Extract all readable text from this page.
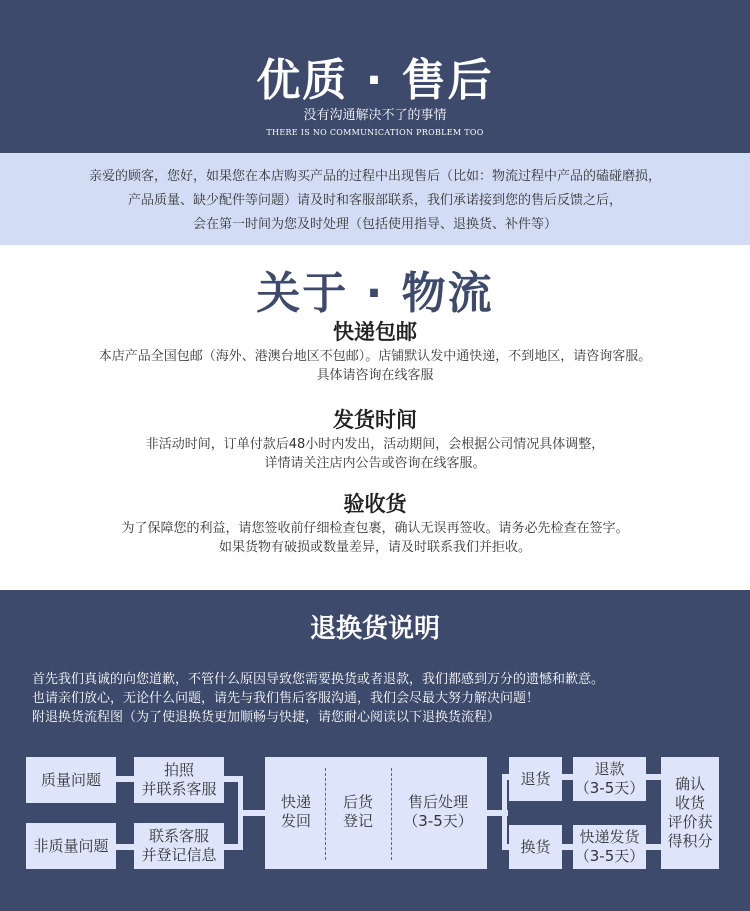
优质 · 售后
没有沟通解决不了的事情
THERE IS NO COMMUNICATION PROBLEM TOO

亲爱的顾客，您好，如果您在本店购买产品的过程中出现售后（比如：物流过程中产品的磕碰磨损，

产品质量、缺少配件等问题）请及时和客服部联系，我们承诺接到您的售后反馈之后，

会在第一时间为您及时处理（包括使用指导、退换货、补件等）

关于 · 物流
快递包邮

本店产品全国包邮（海外、港澳台地区不包邮）。店铺默认发中通快递，不到地区，请咨询客服。

具体请咨询在线客服

发货时间

非活动时间，订单付款后48小时内发出，活动期间，会根据公司情况具体调整，

详情请关注店内公告或咨询在线客服。

验收货

为了保障您的利益，请您签收前仔细检查包裹，确认无误再签收。请务必先检查在签字。

如果货物有破损或数量差异，请及时联系我们并拒收。

退换货说明

首先我们真诚的向您道歉，不管什么原因导致您需要换货或者退款，我们都感到万分的遗憾和歉意。

也请亲们放心，无论什么问题，请先与我们售后客服沟通，我们会尽最大努力解决问题！

附退换货流程图（为了使退换货更加顺畅与快捷，请您耐心阅读以下退换货流程）

质量问题
拍照
并联系客服
非质量问题
联系客服
并登记信息
快递
发回
后货
登记
售后处理
（3-5天）
退货
退款
（3-5天）
换货
快递发货
（3-5天）
确认
收货
评价获
得积分
